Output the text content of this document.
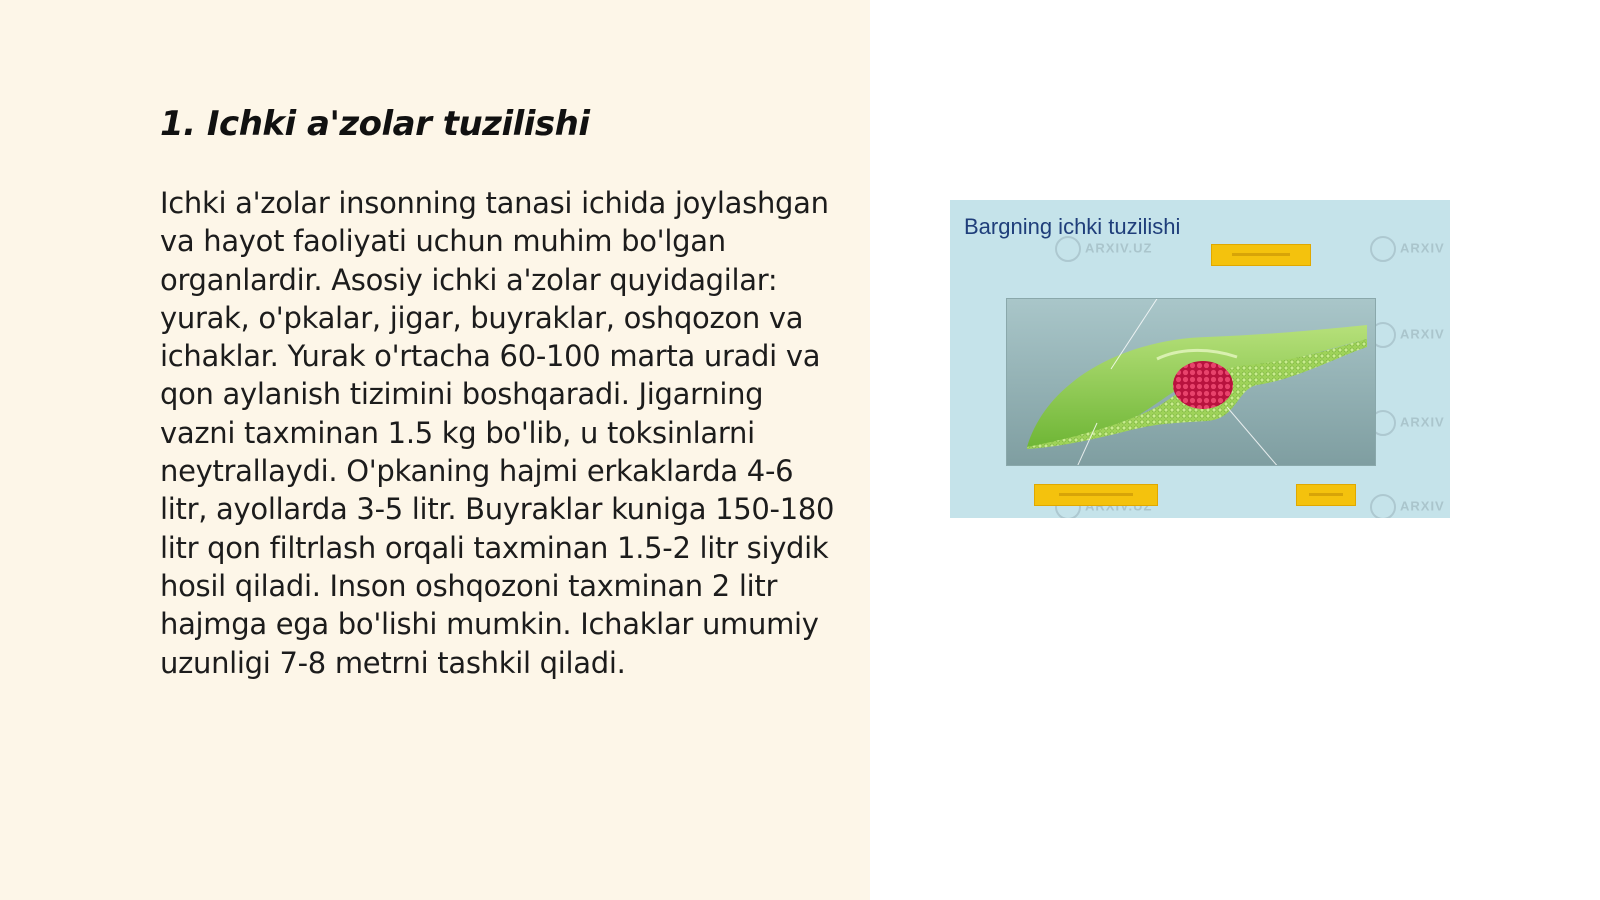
1. Ichki a'zolar tuzilishi

Ichki a'zolar insonning tanasi ichida joylashgan va hayot faoliyati uchun muhim bo'lgan organlardir. Asosiy ichki a'zolar quyidagilar: yurak, o'pkalar, jigar, buyraklar, oshqozon va ichaklar. Yurak o'rtacha 60-100 marta uradi va qon aylanish tizimini boshqaradi. Jigarning vazni taxminan 1.5 kg bo'lib, u toksinlarni neytrallaydi. O'pkaning hajmi erkaklarda 4-6 litr, ayollarda 3-5 litr. Buyraklar kuniga 150-180 litr qon filtrlash orqali taxminan 1.5-2 litr siydik hosil qiladi. Inson oshqozoni taxminan 2 litr hajmga ega bo'lishi mumkin. Ichaklar umumiy uzunligi 7-8 metrni tashkil qiladi.

Bargning ichki tuzilishi
ARXIV.UZ	ARXIV
ARXIV
ARXIV
ARXIV
